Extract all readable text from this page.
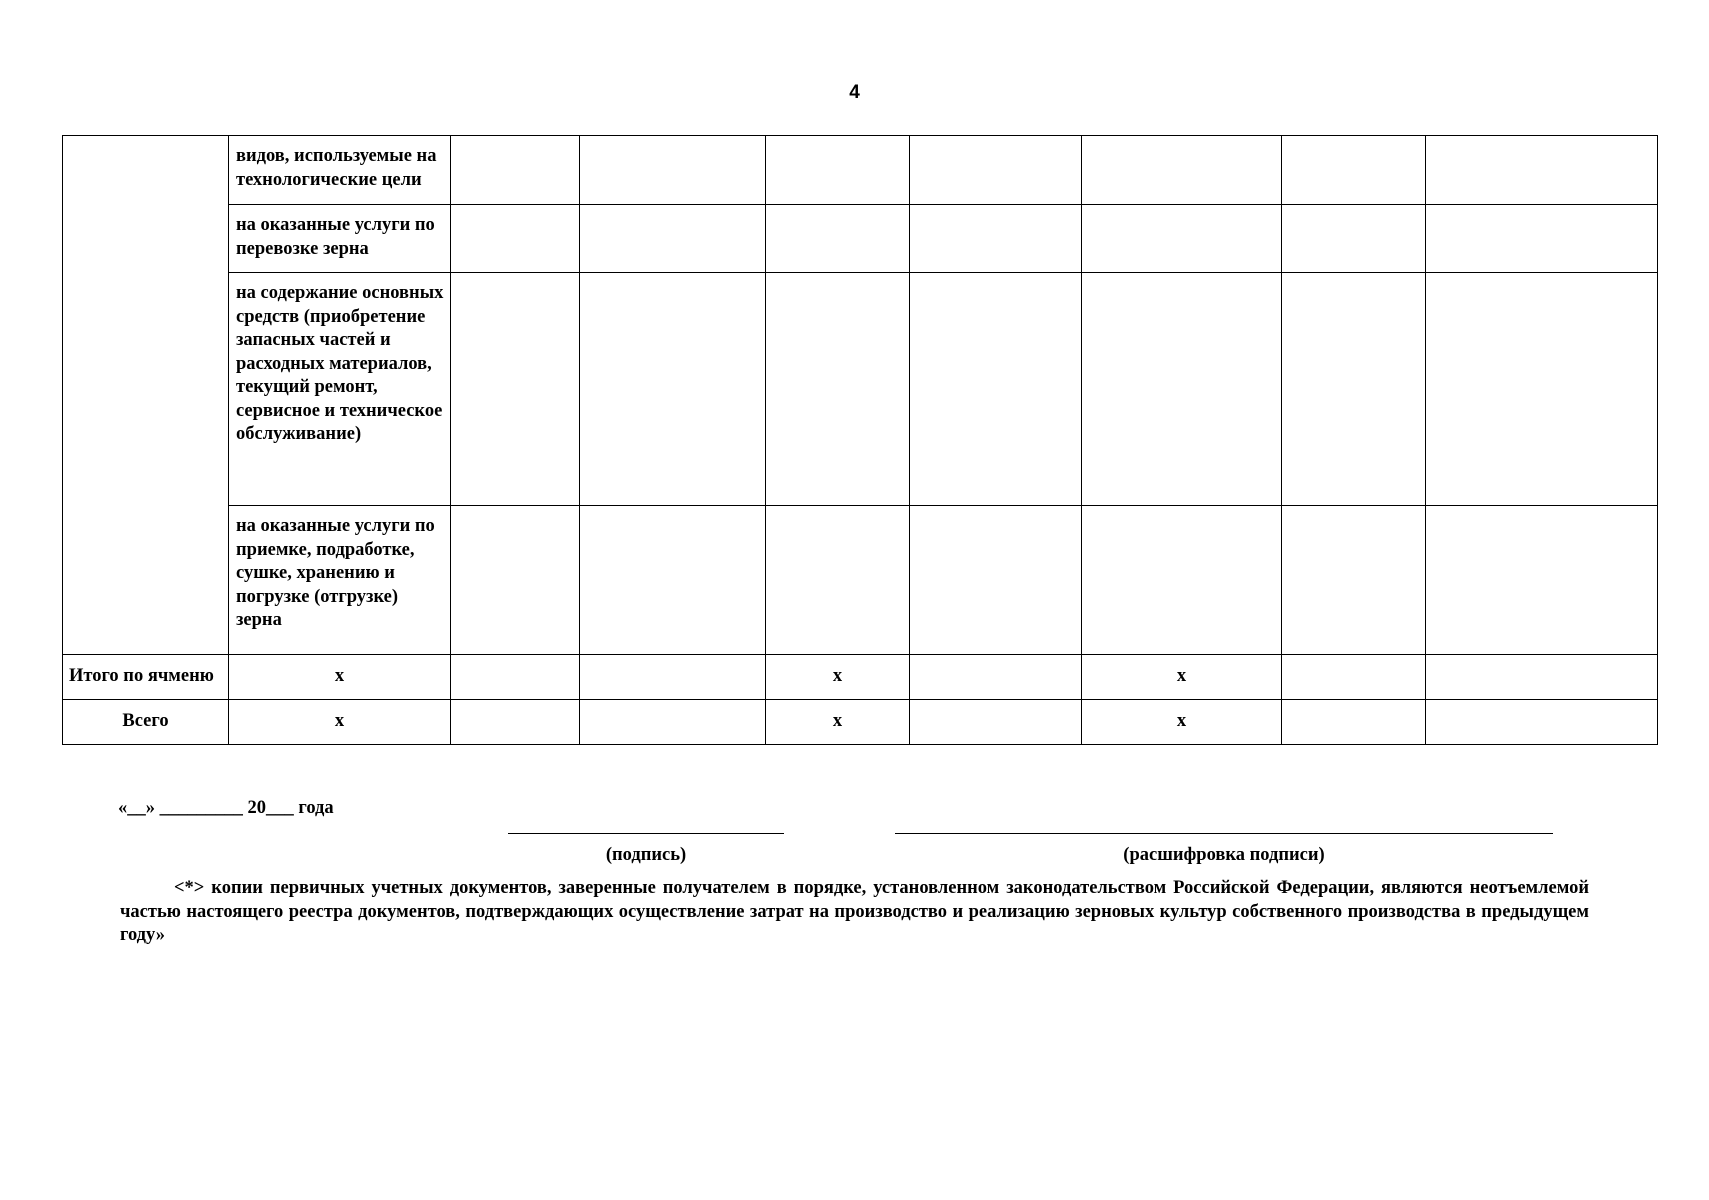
4
	видов, используемые на технологические цели							
	на оказанные услуги по перевозке зерна							
	на содержание основных средств (приобретение запасных частей и расходных материалов, текущий ремонт, сервисное и техническое обслуживание)							
	на оказанные услуги по приемке, подработке, сушке, хранению и погрузке (отгрузке) зерна							
Итого по ячменю	x			x		x		
Всего	x			x		x		
«__» _________ 20___ года
(подпись)	(расшифровка подписи)
<*> копии первичных учетных документов, заверенные получателем в порядке, установленном законодательством Российской Федерации, являются неотъемлемой частью настоящего реестра документов, подтверждающих осуществление затрат на производство и реализацию зерновых культур собственного производства в предыдущем году»
